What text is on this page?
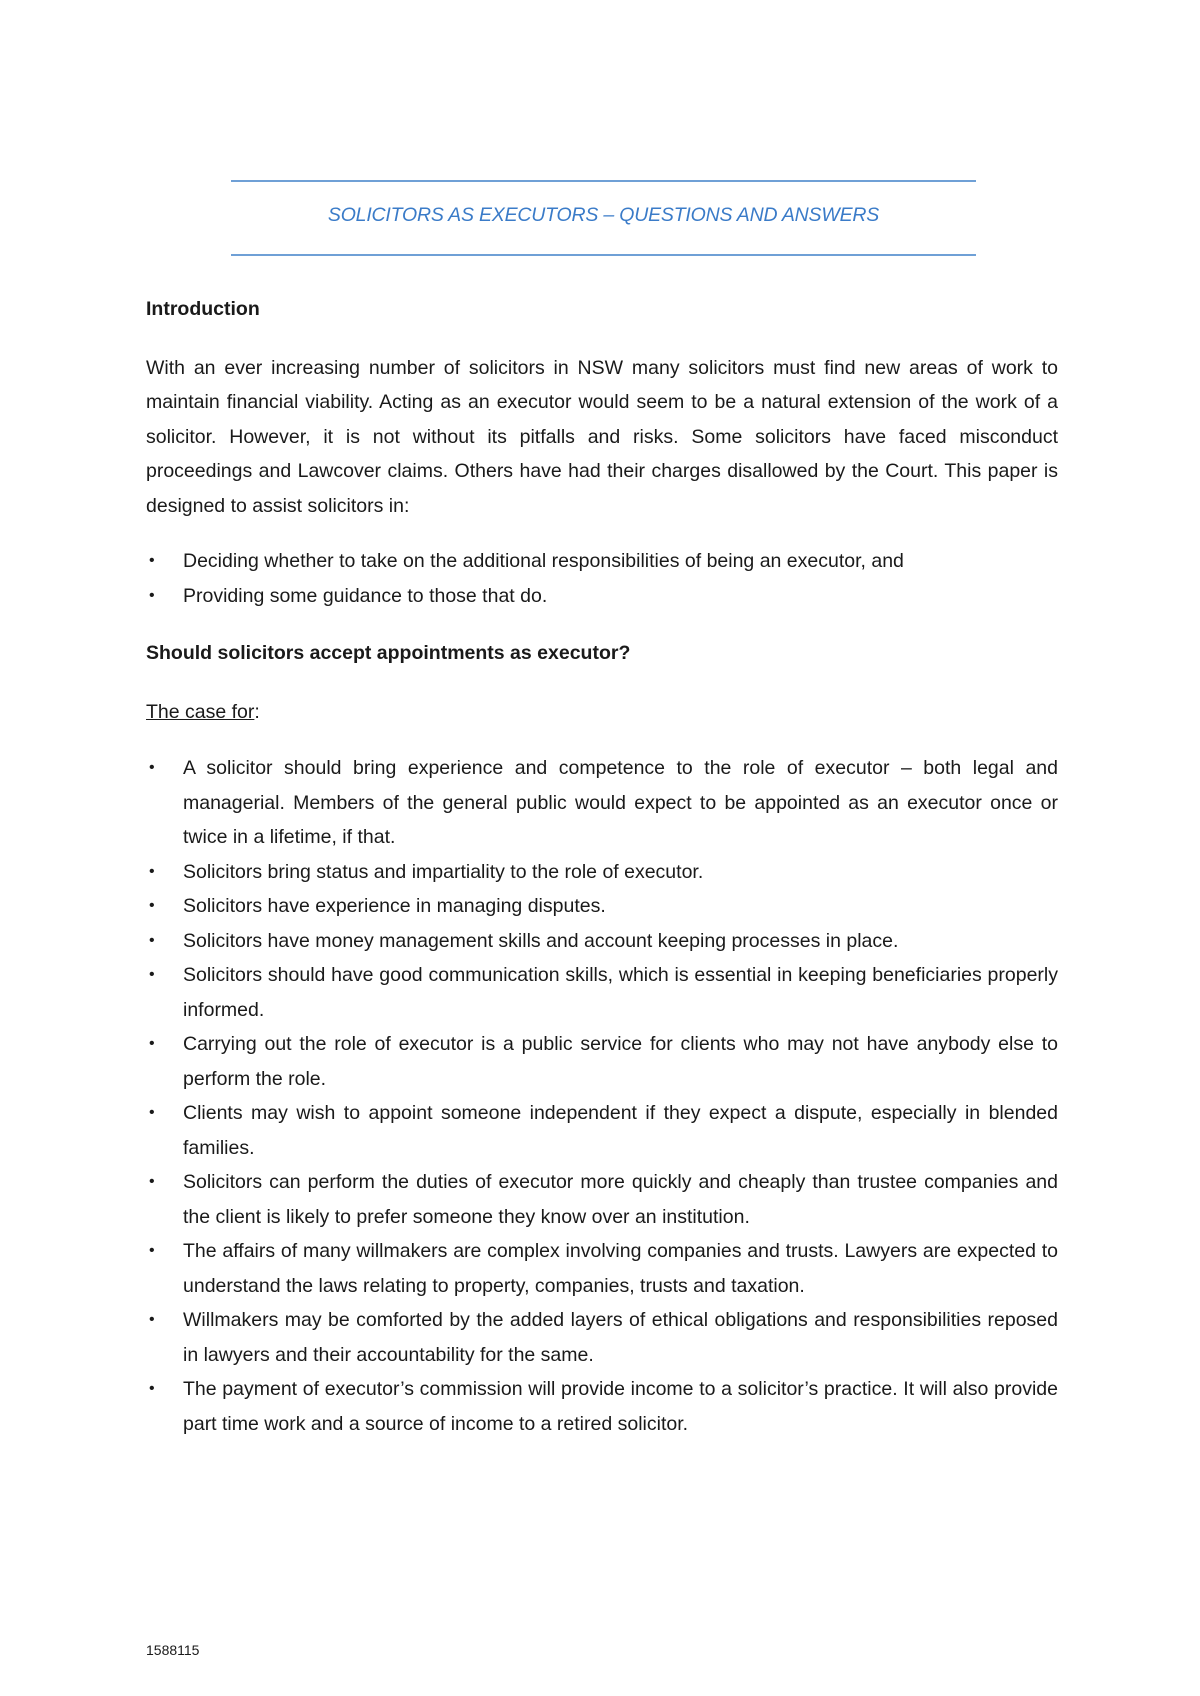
SOLICITORS AS EXECUTORS – QUESTIONS AND ANSWERS
Introduction
With an ever increasing number of solicitors in NSW many solicitors must find new areas of work to maintain financial viability. Acting as an executor would seem to be a natural extension of the work of a solicitor. However, it is not without its pitfalls and risks. Some solicitors have faced misconduct proceedings and Lawcover claims. Others have had their charges disallowed by the Court. This paper is designed to assist solicitors in:
• Deciding whether to take on the additional responsibilities of being an executor, and
• Providing some guidance to those that do.
Should solicitors accept appointments as executor?
The case for:
• A solicitor should bring experience and competence to the role of executor – both legal and managerial. Members of the general public would expect to be appointed as an executor once or twice in a lifetime, if that.
• Solicitors bring status and impartiality to the role of executor.
• Solicitors have experience in managing disputes.
• Solicitors have money management skills and account keeping processes in place.
• Solicitors should have good communication skills, which is essential in keeping beneficiaries properly informed.
• Carrying out the role of executor is a public service for clients who may not have anybody else to perform the role.
• Clients may wish to appoint someone independent if they expect a dispute, especially in blended families.
• Solicitors can perform the duties of executor more quickly and cheaply than trustee companies and the client is likely to prefer someone they know over an institution.
• The affairs of many willmakers are complex involving companies and trusts. Lawyers are expected to understand the laws relating to property, companies, trusts and taxation.
• Willmakers may be comforted by the added layers of ethical obligations and responsibilities reposed in lawyers and their accountability for the same.
• The payment of executor’s commission will provide income to a solicitor’s practice. It will also provide part time work and a source of income to a retired solicitor.
1588115
